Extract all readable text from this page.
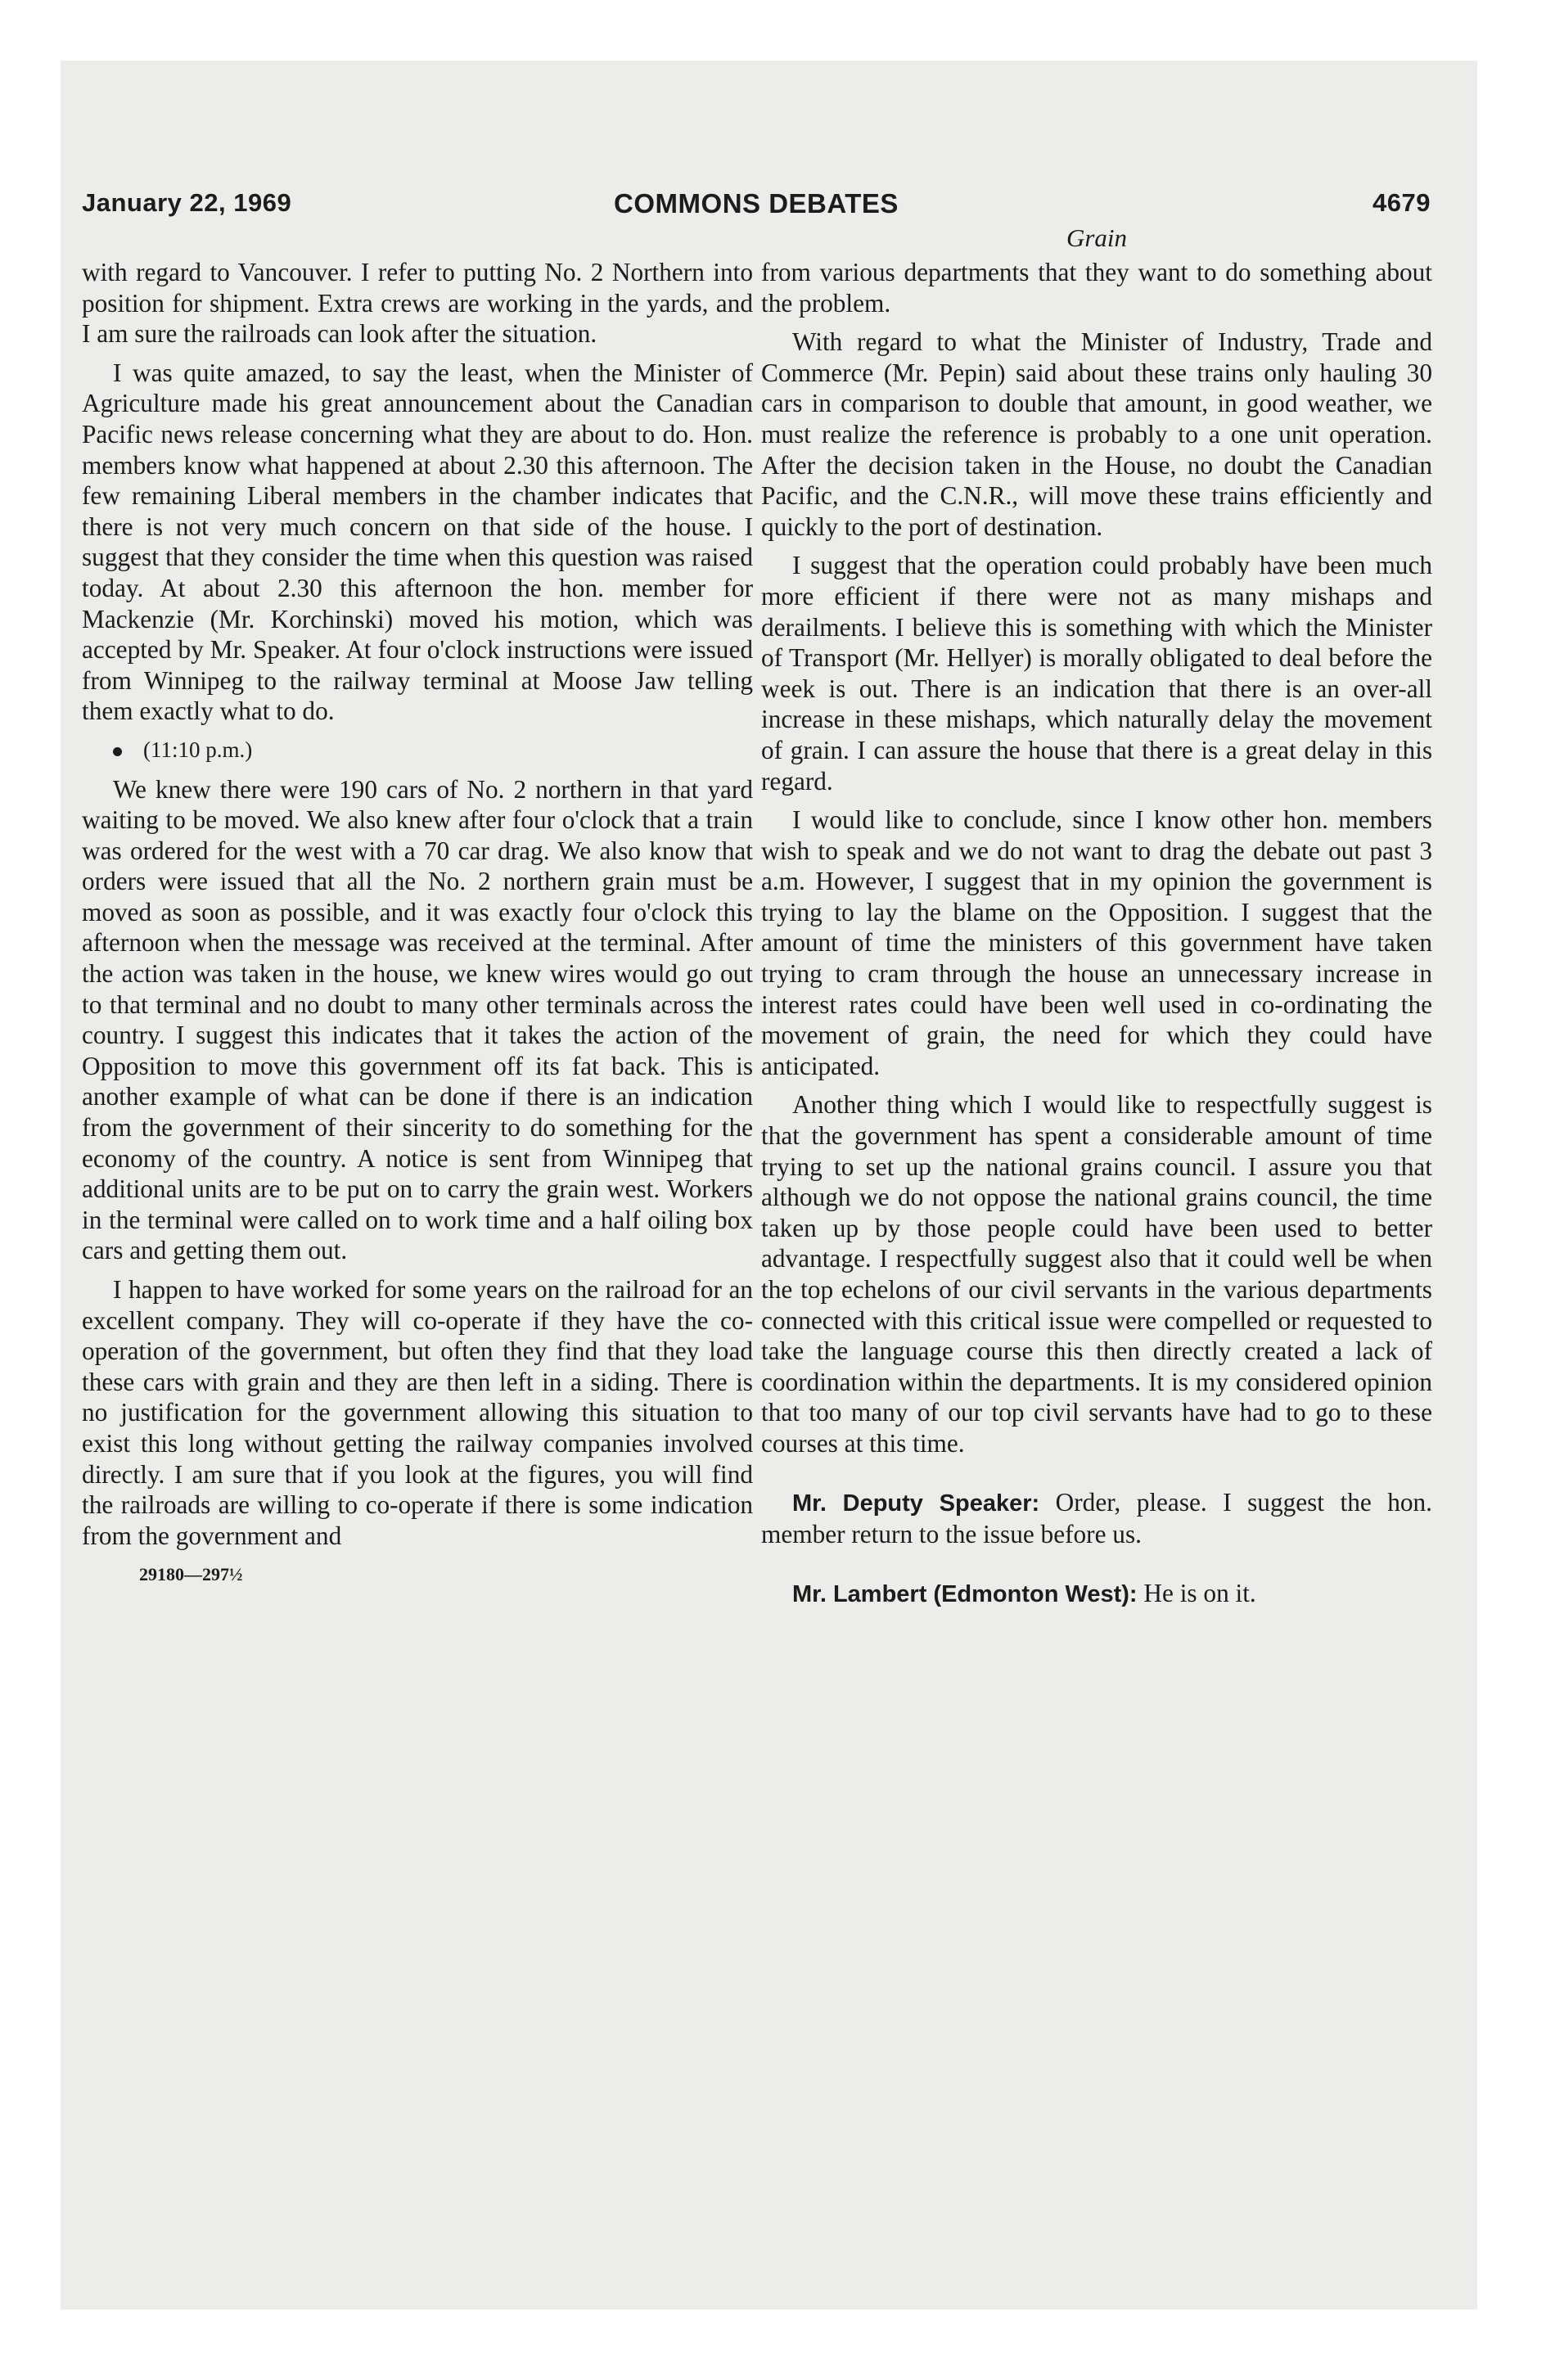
January 22, 1969	COMMONS DEBATES	4679

with regard to Vancouver. I refer to putting No. 2 Northern into position for shipment. Extra crews are working in the yards, and I am sure the railroads can look after the situation.

I was quite amazed, to say the least, when the Minister of Agriculture made his great announcement about the Canadian Pacific news release concerning what they are about to do. Hon. members know what happened at about 2.30 this afternoon. The few remaining Liberal members in the chamber indicates that there is not very much concern on that side of the house. I suggest that they consider the time when this question was raised today. At about 2.30 this afternoon the hon. member for Mackenzie (Mr. Korchinski) moved his motion, which was accepted by Mr. Speaker. At four o'clock instructions were issued from Winnipeg to the railway terminal at Moose Jaw telling them exactly what to do.

(11:10 p.m.)

We knew there were 190 cars of No. 2 northern in that yard waiting to be moved. We also knew after four o'clock that a train was ordered for the west with a 70 car drag. We also know that orders were issued that all the No. 2 northern grain must be moved as soon as possible, and it was exactly four o'clock this afternoon when the message was received at the terminal. After the action was taken in the house, we knew wires would go out to that terminal and no doubt to many other terminals across the country. I suggest this indicates that it takes the action of the Opposition to move this government off its fat back. This is another example of what can be done if there is an indication from the government of their sincerity to do something for the economy of the country. A notice is sent from Winnipeg that additional units are to be put on to carry the grain west. Workers in the terminal were called on to work time and a half oiling box cars and getting them out.

I happen to have worked for some years on the railroad for an excellent company. They will co-operate if they have the co-operation of the government, but often they find that they load these cars with grain and they are then left in a siding. There is no justification for the government allowing this situation to exist this long without getting the railway companies involved directly. I am sure that if you look at the figures, you will find the railroads are willing to co-operate if there is some indication from the government and

29180—297½
Grain

from various departments that they want to do something about the problem.

With regard to what the Minister of Industry, Trade and Commerce (Mr. Pepin) said about these trains only hauling 30 cars in comparison to double that amount, in good weather, we must realize the reference is probably to a one unit operation. After the decision taken in the House, no doubt the Canadian Pacific, and the C.N.R., will move these trains efficiently and quickly to the port of destination.

I suggest that the operation could probably have been much more efficient if there were not as many mishaps and derailments. I believe this is something with which the Minister of Transport (Mr. Hellyer) is morally obligated to deal before the week is out. There is an indication that there is an over-all increase in these mishaps, which naturally delay the movement of grain. I can assure the house that there is a great delay in this regard.

I would like to conclude, since I know other hon. members wish to speak and we do not want to drag the debate out past 3 a.m. However, I suggest that in my opinion the government is trying to lay the blame on the Opposition. I suggest that the amount of time the ministers of this government have taken trying to cram through the house an unnecessary increase in interest rates could have been well used in co-ordinating the movement of grain, the need for which they could have anticipated.

Another thing which I would like to respectfully suggest is that the government has spent a considerable amount of time trying to set up the national grains council. I assure you that although we do not oppose the national grains council, the time taken up by those people could have been used to better advantage. I respectfully suggest also that it could well be when the top echelons of our civil servants in the various departments connected with this critical issue were compelled or requested to take the language course this then directly created a lack of coordination within the departments. It is my considered opinion that too many of our top civil servants have had to go to these courses at this time.

Mr. Deputy Speaker: Order, please. I suggest the hon. member return to the issue before us.

Mr. Lambert (Edmonton West): He is on it.
